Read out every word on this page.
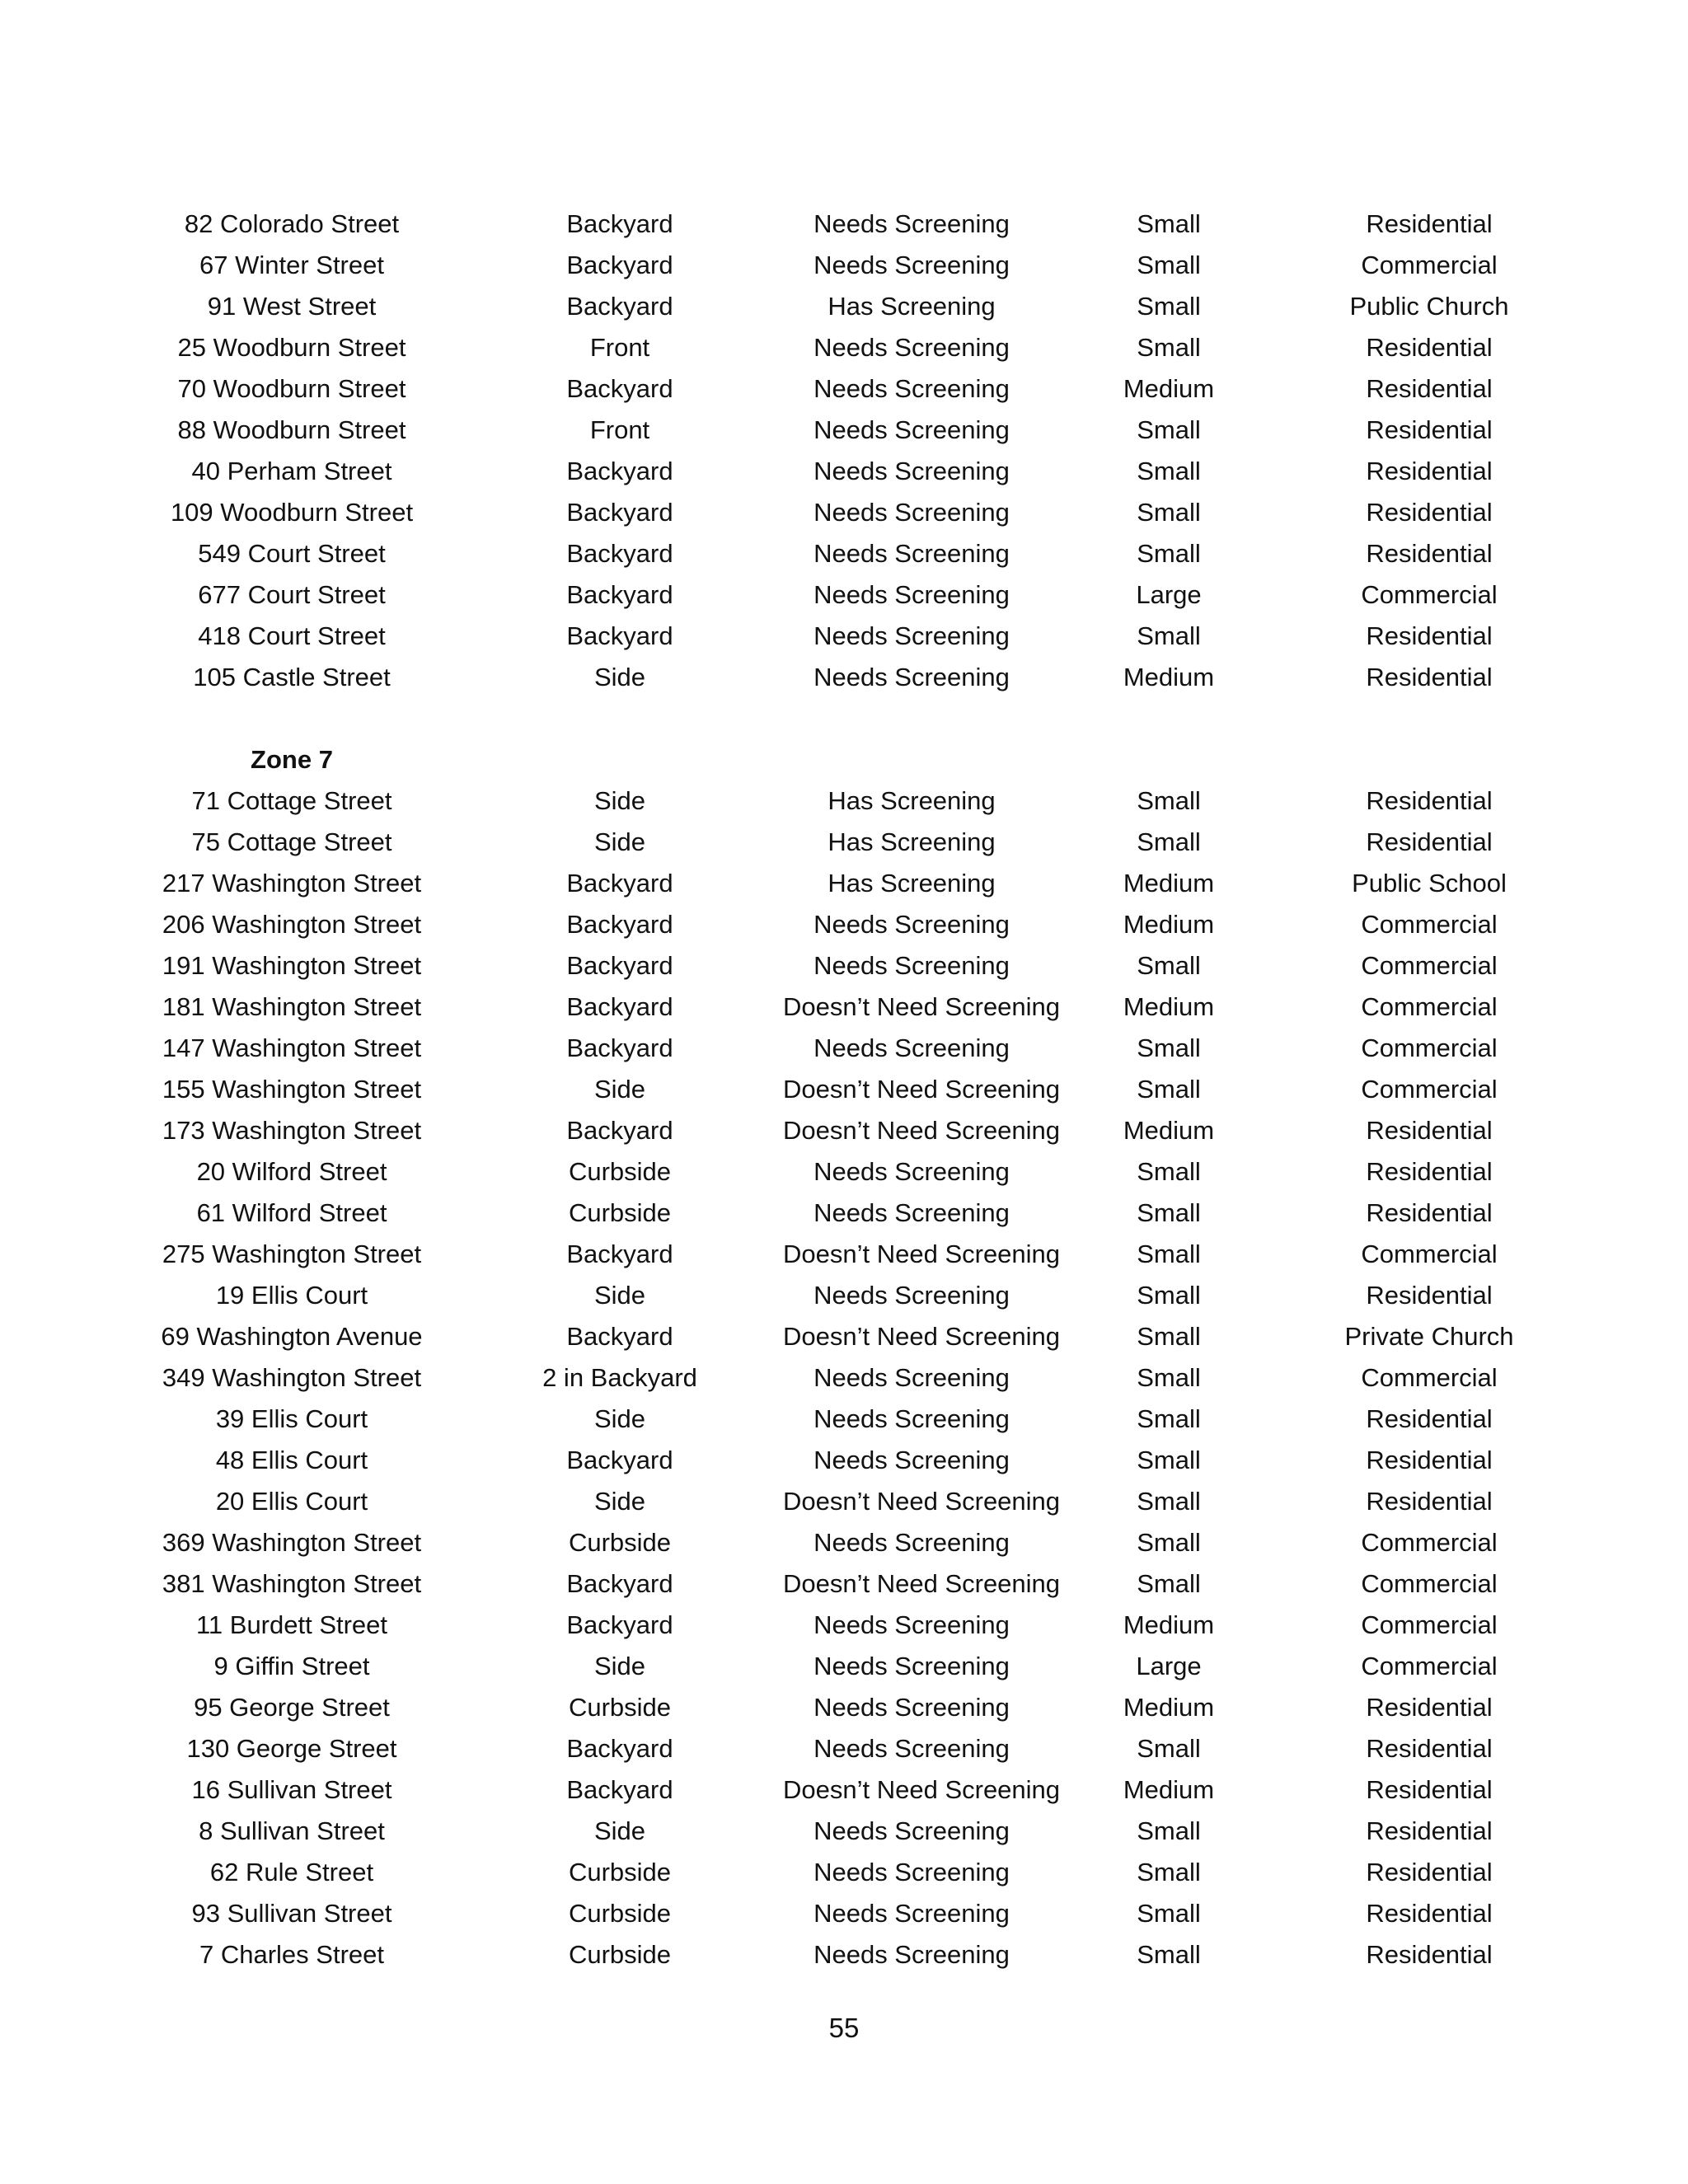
82 Colorado Street	Backyard	Needs Screening	Small	Residential
67 Winter Street	Backyard	Needs Screening	Small	Commercial
91 West Street	Backyard	Has Screening	Small	Public Church
25 Woodburn Street	Front	Needs Screening	Small	Residential
70 Woodburn Street	Backyard	Needs Screening	Medium	Residential
88 Woodburn Street	Front	Needs Screening	Small	Residential
40 Perham Street	Backyard	Needs Screening	Small	Residential
109 Woodburn Street	Backyard	Needs Screening	Small	Residential
549 Court Street	Backyard	Needs Screening	Small	Residential
677 Court Street	Backyard	Needs Screening	Large	Commercial
418 Court Street	Backyard	Needs Screening	Small	Residential
105 Castle Street	Side	Needs Screening	Medium	Residential
Zone 7
71 Cottage Street	Side	Has Screening	Small	Residential
75 Cottage Street	Side	Has Screening	Small	Residential
217 Washington Street	Backyard	Has Screening	Medium	Public School
206 Washington Street	Backyard	Needs Screening	Medium	Commercial
191 Washington Street	Backyard	Needs Screening	Small	Commercial
181 Washington Street	Backyard	Doesn’t Need Screening	Medium	Commercial
147 Washington Street	Backyard	Needs Screening	Small	Commercial
155 Washington Street	Side	Doesn’t Need Screening	Small	Commercial
173 Washington Street	Backyard	Doesn’t Need Screening	Medium	Residential
20 Wilford Street	Curbside	Needs Screening	Small	Residential
61 Wilford Street	Curbside	Needs Screening	Small	Residential
275 Washington Street	Backyard	Doesn’t Need Screening	Small	Commercial
19 Ellis Court	Side	Needs Screening	Small	Residential
69 Washington Avenue	Backyard	Doesn’t Need Screening	Small	Private Church
349 Washington Street	2 in Backyard	Needs Screening	Small	Commercial
39 Ellis Court	Side	Needs Screening	Small	Residential
48 Ellis Court	Backyard	Needs Screening	Small	Residential
20 Ellis Court	Side	Doesn’t Need Screening	Small	Residential
369 Washington Street	Curbside	Needs Screening	Small	Commercial
381 Washington Street	Backyard	Doesn’t Need Screening	Small	Commercial
11 Burdett Street	Backyard	Needs Screening	Medium	Commercial
9 Giffin Street	Side	Needs Screening	Large	Commercial
95 George Street	Curbside	Needs Screening	Medium	Residential
130 George Street	Backyard	Needs Screening	Small	Residential
16 Sullivan Street	Backyard	Doesn’t Need Screening	Medium	Residential
8 Sullivan Street	Side	Needs Screening	Small	Residential
62 Rule Street	Curbside	Needs Screening	Small	Residential
93 Sullivan Street	Curbside	Needs Screening	Small	Residential
7 Charles Street	Curbside	Needs Screening	Small	Residential
55
